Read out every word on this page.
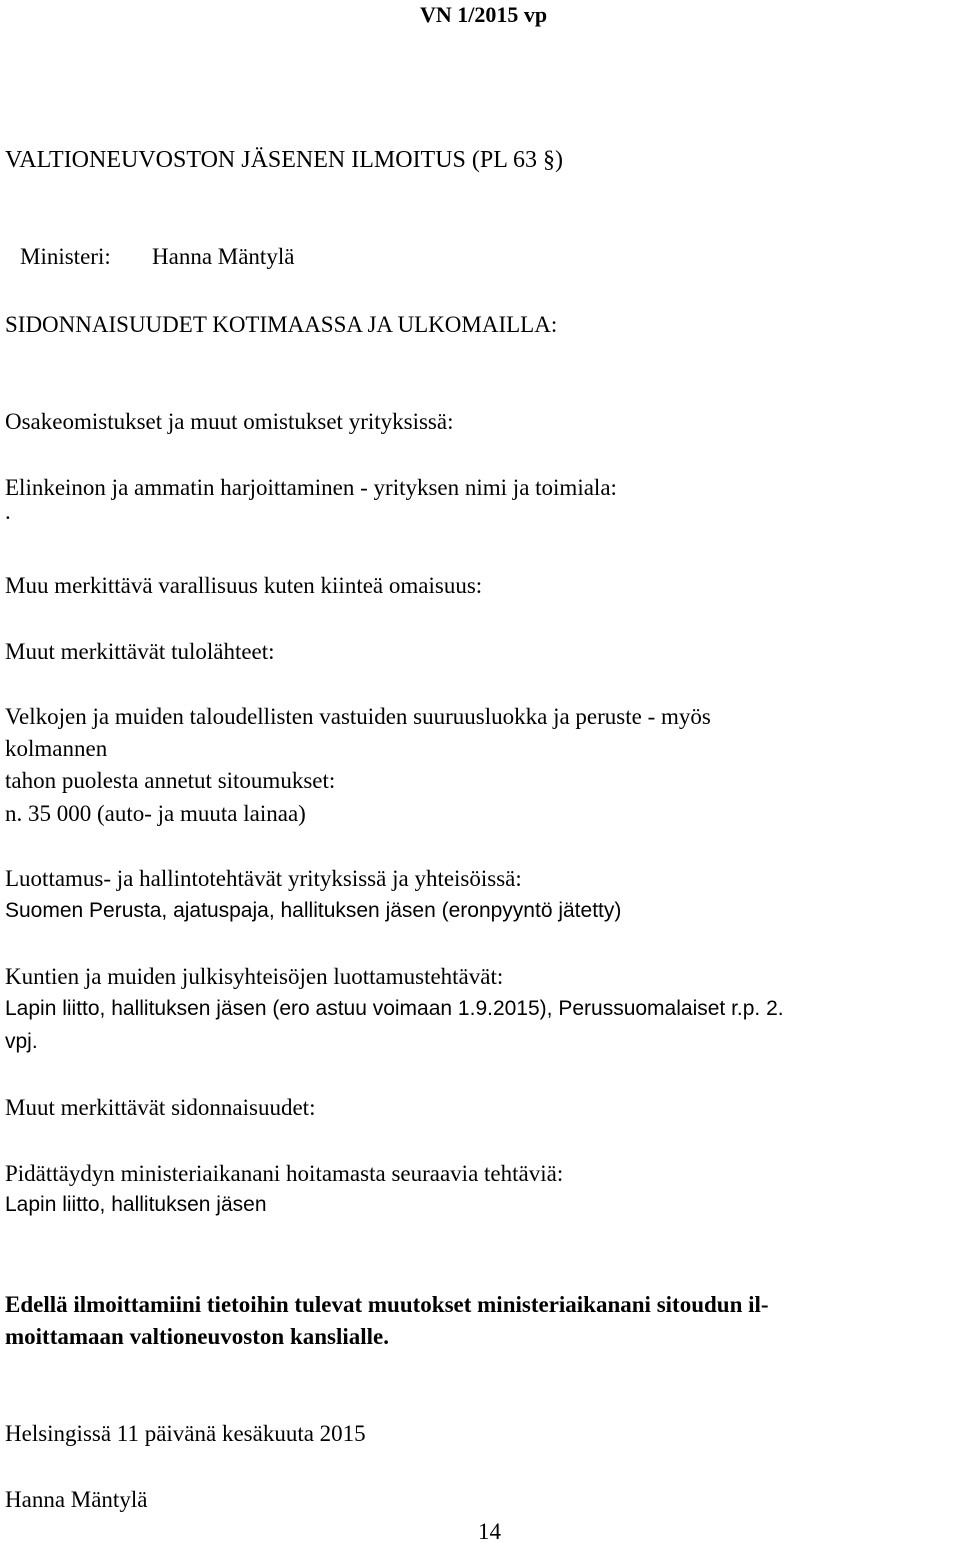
VN 1/2015 vp

VALTIONEUVOSTON JÄSENEN ILMOITUS (PL 63 §)

Ministeri: Hanna Mäntylä

SIDONNAISUUDET KOTIMAASSA JA ULKOMAILLA:

Osakeomistukset ja muut omistukset yrityksissä:

Elinkeinon ja ammatin harjoittaminen - yrityksen nimi ja toimiala:

.

Muu merkittävä varallisuus kuten kiinteä omaisuus:

Muut merkittävät tulolähteet:

Velkojen ja muiden taloudellisten vastuiden suuruusluokka ja peruste - myös

kolmannen

tahon puolesta annetut sitoumukset:

n. 35 000 (auto- ja muuta lainaa)

Luottamus- ja hallintotehtävät yrityksissä ja yhteisöissä:

Suomen Perusta, ajatuspaja, hallituksen jäsen (eronpyyntö jätetty)

Kuntien ja muiden julkisyhteisöjen luottamustehtävät:

Lapin liitto, hallituksen jäsen (ero astuu voimaan 1.9.2015), Perussuomalaiset r.p. 2.

vpj.

Muut merkittävät sidonnaisuudet:

Pidättäydyn ministeriaikanani hoitamasta seuraavia tehtäviä:

Lapin liitto, hallituksen jäsen

Edellä ilmoittamiini tietoihin tulevat muutokset ministeriaikanani sitoudun il-

moittamaan valtioneuvoston kanslialle.

Helsingissä 11 päivänä kesäkuuta 2015

Hanna Mäntylä

14
